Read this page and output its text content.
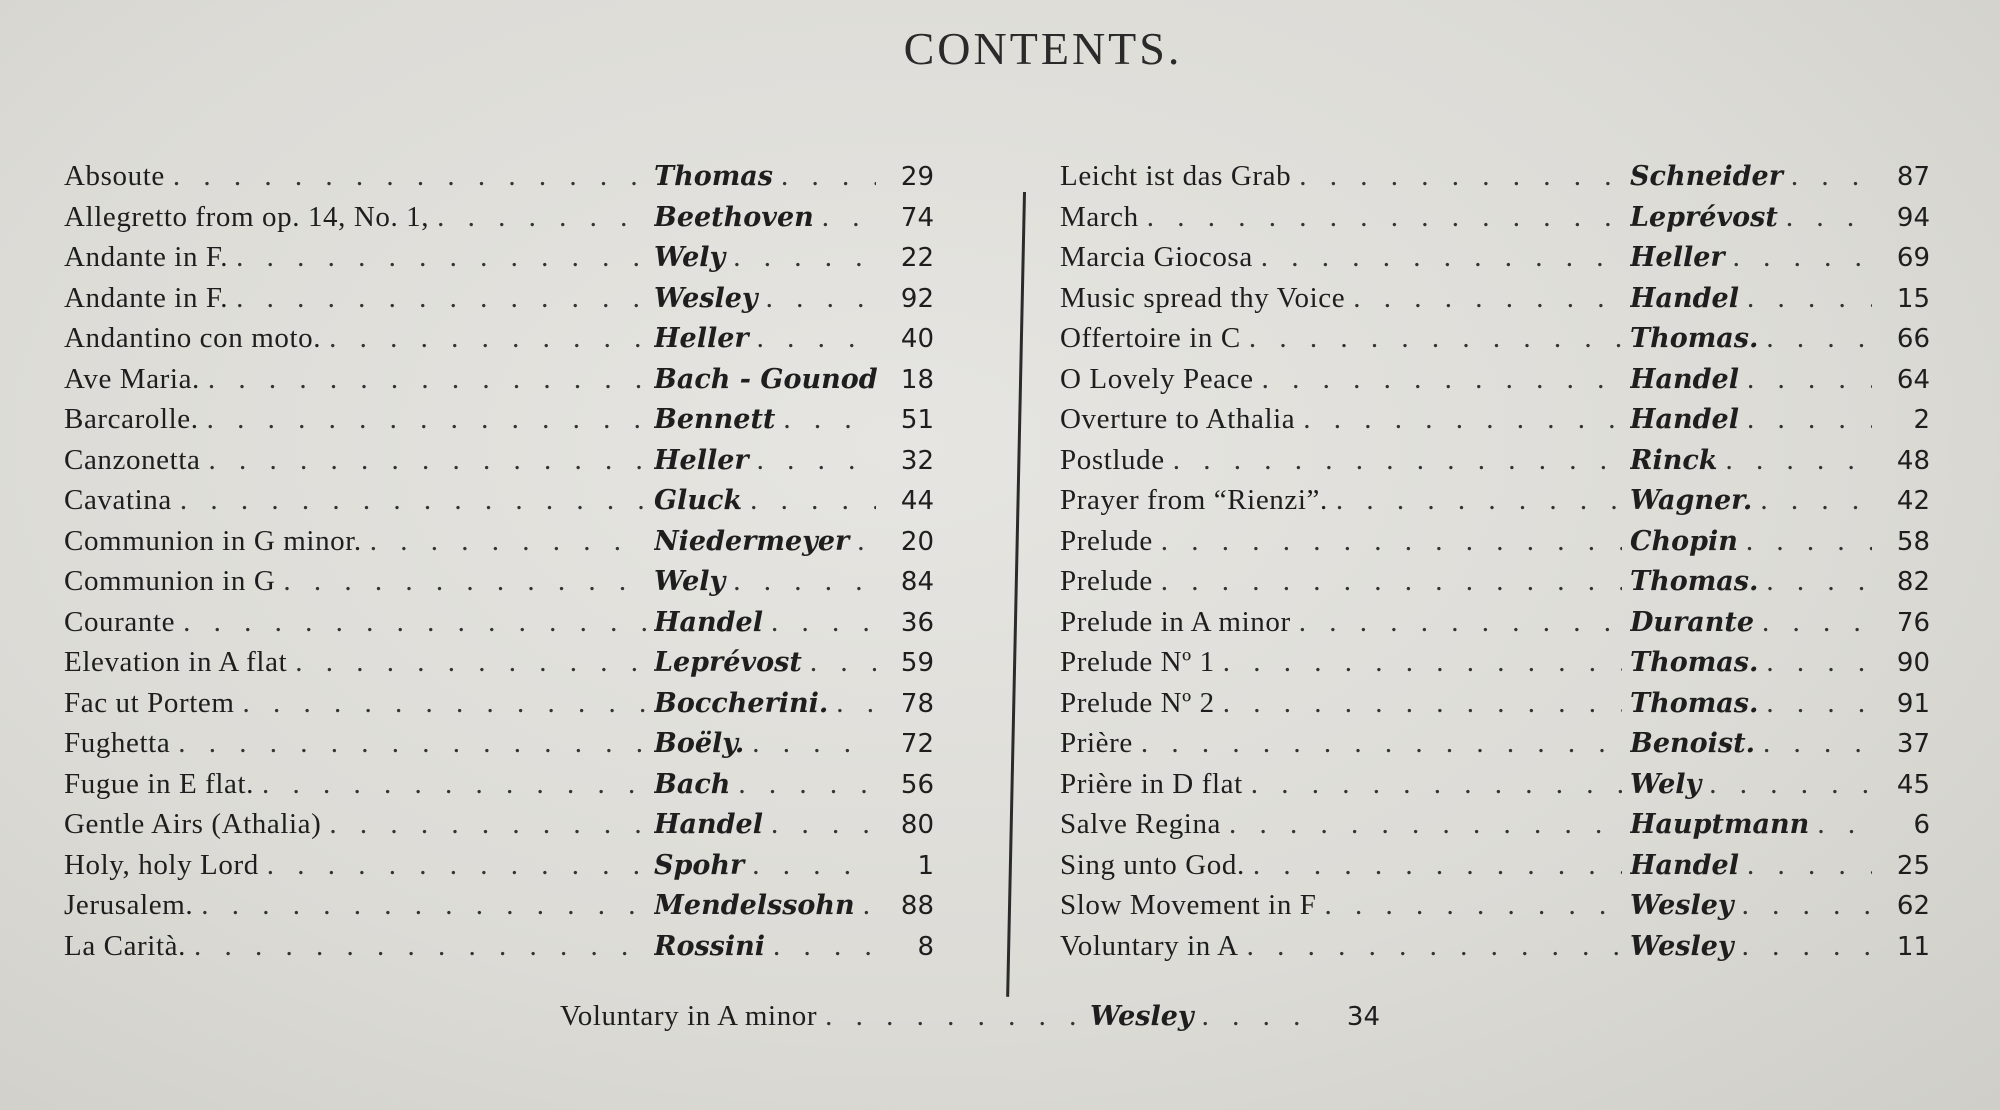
CONTENTS.
Absoute . . .	Thomas . . .	29
Allegretto from op. 14, No. 1, . . .	Beethoven . . .	74
Andante in F. . . .	Wely . . .	22
Andante in F. . . .	Wesley . . .	92
Andantino con moto. . . .	Heller . . .	40
Ave Maria. . . .	Bach - Gounod 18
Barcarolle. . . .	Bennett . . .	51
Canzonetta . . .	Heller . . .	32
Cavatina . . .	Gluck . . .	44
Communion in G minor. . . .	Niedermeyer . . .	20
Communion in G . . .	Wely . . .	84
Courante . . .	Handel . . .	36
Elevation in A flat . . .	Leprévost . . .	59
Fac ut Portem . . .	Boccherini. . . .	78
Fughetta . . .	Boëly. . . .	72
Fugue in E flat. . . .	Bach . . .	56
Gentle Airs (Athalia) . . .	Handel . . .	80
Holy, holy Lord . . .	Spohr . . .	1
Jerusalem. . . .	Mendelssohn . . .	88
La Carità. . . .	Rossini . . .	8
Leicht ist das Grab . . .	Schneider . . .	87
March . . .	Leprévost . . .	94
Marcia Giocosa . . .	Heller . . .	69
Music spread thy Voice . . .	Handel . . .	15
Offertoire in C . . .	Thomas. . . .	66
O Lovely Peace . . .	Handel . . .	64
Overture to Athalia . . .	Handel . . .	2
Postlude . . .	Rinck . . .	48
Prayer from “Rienzi”. . . .	Wagner. . . .	42
Prelude . . .	Chopin . . .	58
Prelude . . .	Thomas. . . .	82
Prelude in A minor . . .	Durante . . .	76
Prelude Nº 1 . . .	Thomas. . . .	90
Prelude Nº 2 . . .	Thomas. . . .	91
Prière . . .	Benoist. . . .	37
Prière in D flat . . .	Wely . . .	45
Salve Regina . . .	Hauptmann . . .	6
Sing unto God. . . .	Handel . . .	25
Slow Movement in F . . .	Wesley . . .	62
Voluntary in A . . .	Wesley . . .	11
Voluntary in A minor . . .	Wesley . . .	34
